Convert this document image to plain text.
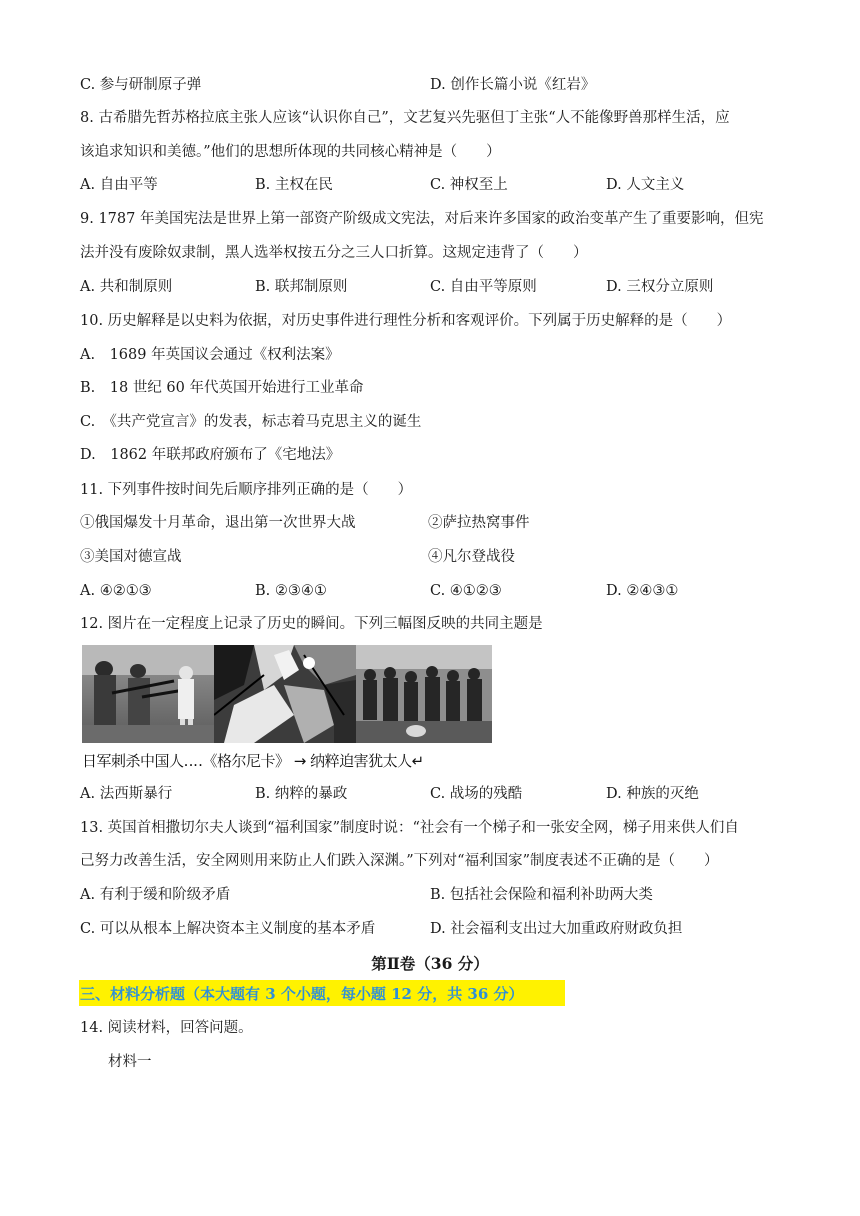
C. 参与研制原子弹	D. 创作长篇小说《红岩》
8. 古希腊先哲苏格拉底主张人应该“认识你自己”，文艺复兴先驱但丁主张“人不能像野兽那样生活，应
该追求知识和美德。”他们的思想所体现的共同核心精神是（　　）
A. 自由平等	B. 主权在民	C. 神权至上	D. 人文主义
9. 1787 年美国宪法是世界上第一部资产阶级成文宪法，对后来许多国家的政治变革产生了重要影响，但宪
法并没有废除奴隶制，黑人选举权按五分之三人口折算。这规定违背了（　　）
A. 共和制原则	B. 联邦制原则	C. 自由平等原则	D. 三权分立原则
10. 历史解释是以史料为依据，对历史事件进行理性分析和客观评价。下列属于历史解释的是（　　）
A.　1689 年英国议会通过《权利法案》
B.　18 世纪 60 年代英国开始进行工业革命
C.　《共产党宣言》的发表，标志着马克思主义的诞生
D.　1862 年联邦政府颁布了《宅地法》
11. 下列事件按时间先后顺序排列正确的是（　　）
①俄国爆发十月革命，退出第一次世界大战	②萨拉热窝事件
③美国对德宣战	④凡尔登战役
A. ④②①③	B. ②③④①	C. ④①②③	D. ②④③①
12. 图片在一定程度上记录了历史的瞬间。下列三幅图反映的共同主题是
日军刺杀中国人‥‥《格尔尼卡》 → 纳粹迫害犹太人↵
A. 法西斯暴行	B. 纳粹的暴政	C. 战场的残酷	D. 种族的灭绝
13. 英国首相撒切尔夫人谈到“福利国家”制度时说：“社会有一个梯子和一张安全网，梯子用来供人们自
己努力改善生活，安全网则用来防止人们跌入深渊。”下列对“福利国家”制度表述不正确的是（　　）
A. 有利于缓和阶级矛盾	B. 包括社会保险和福利补助两大类
C. 可以从根本上解决资本主义制度的基本矛盾	D. 社会福利支出过大加重政府财政负担
第Ⅱ卷（36 分）
三、材料分析题（本大题有 3 个小题，每小题 12 分，共 36 分）
14. 阅读材料，回答问题。
材料一
